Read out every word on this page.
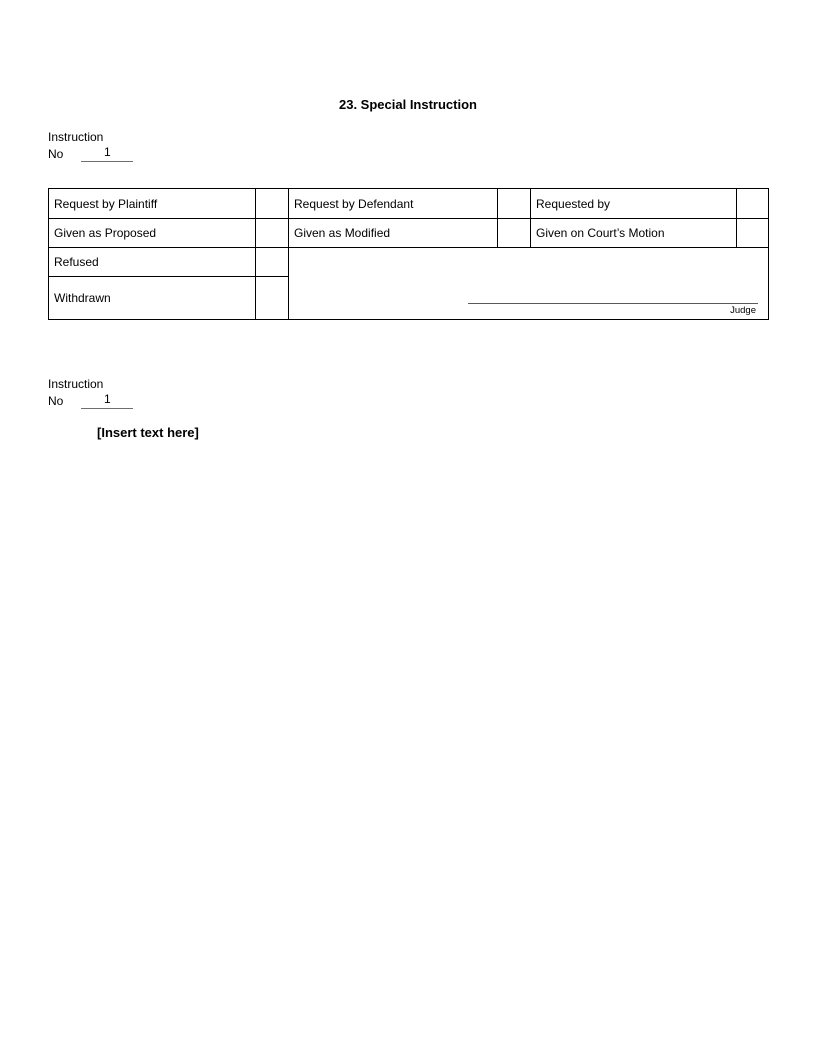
23. Special Instruction
Instruction
No	1
Request by Plaintiff		Request by Defendant		Requested by	
Given as Proposed		Given as Modified		Given on Court’s Motion	
Refused		Judge			

Withdrawn					
Instruction
No	1
[Insert text here]
